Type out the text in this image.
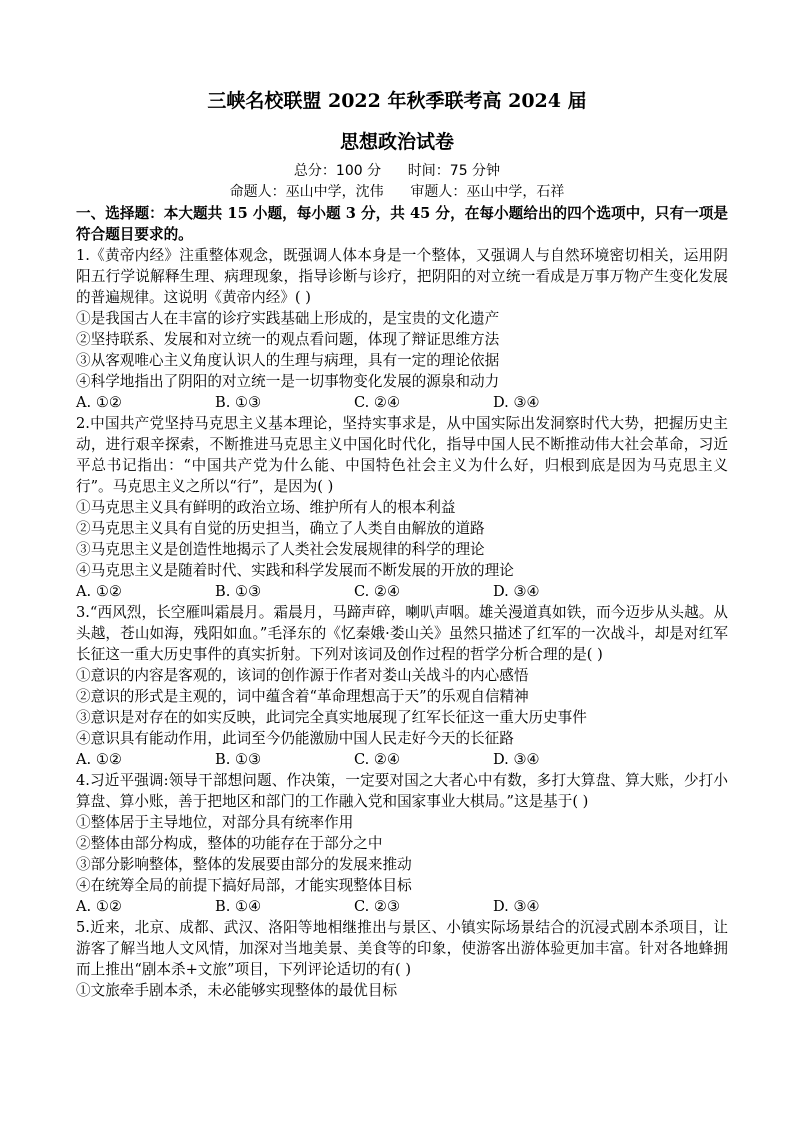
三峡名校联盟 2022 年秋季联考高 2024 届
思想政治试卷
总分：100 分      时间：75 分钟
命题人：巫山中学，沈伟      审题人：巫山中学，石祥

一、选择题：本大题共 15 小题，每小题 3 分，共 45 分，在每小题给出的四个选项中，只有一项是符合题目要求的。

1.《黄帝内经》注重整体观念，既强调人体本身是一个整体，又强调人与自然环境密切相关，运用阴阳五行学说解释生理、病理现象，指导诊断与诊疗，把阴阳的对立统一看成是万事万物产生变化发展的普遍规律。这说明《黄帝内经》( )

①是我国古人在丰富的诊疗实践基础上形成的，是宝贵的文化遗产

②坚持联系、发展和对立统一的观点看问题，体现了辩证思维方法

③从客观唯心主义角度认识人的生理与病理，具有一定的理论依据

④科学地指出了阴阳的对立统一是一切事物变化发展的源泉和动力

A. ①②	B. ①③	C. ②④	D. ③④

2.中国共产党坚持马克思主义基本理论，坚持实事求是，从中国实际出发洞察时代大势，把握历史主动，进行艰辛探索，不断推进马克思主义中国化时代化，指导中国人民不断推动伟大社会革命，习近平总书记指出：“中国共产党为什么能、中国特色社会主义为什么好，归根到底是因为马克思主义行”。马克思主义之所以“行”，是因为( )

①马克思主义具有鲜明的政治立场、维护所有人的根本利益

②马克思主义具有自觉的历史担当，确立了人类自由解放的道路

③马克思主义是创造性地揭示了人类社会发展规律的科学的理论

④马克思主义是随着时代、实践和科学发展而不断发展的开放的理论

A. ①②	B. ①③	C. ②④	D. ③④

3.“西风烈，长空雁叫霜晨月。霜晨月，马蹄声碎，喇叭声咽。雄关漫道真如铁，而今迈步从头越。从头越，苍山如海，残阳如血。”毛泽东的《忆秦娥·娄山关》虽然只描述了红军的一次战斗，却是对红军长征这一重大历史事件的真实折射。下列对该词及创作过程的哲学分析合理的是( )

①意识的内容是客观的，该词的创作源于作者对娄山关战斗的内心感悟

②意识的形式是主观的，词中蕴含着“革命理想高于天”的乐观自信精神

③意识是对存在的如实反映，此词完全真实地展现了红军长征这一重大历史事件

④意识具有能动作用，此词至今仍能激励中国人民走好今天的长征路

A. ①②	B. ①③	C. ②④	D. ③④

4.习近平强调:领导干部想问题、作决策，一定要对国之大者心中有数，多打大算盘、算大账，少打小算盘、算小账，善于把地区和部门的工作融入党和国家事业大棋局。”这是基于( )

①整体居于主导地位，对部分具有统率作用

②整体由部分构成，整体的功能存在于部分之中

③部分影响整体，整体的发展要由部分的发展来推动

④在统筹全局的前提下搞好局部，才能实现整体目标

A. ①②	B. ①④	C. ②③	D. ③④

5.近来，北京、成都、武汉、洛阳等地相继推出与景区、小镇实际场景结合的沉浸式剧本杀项目，让游客了解当地人文风情，加深对当地美景、美食等的印象，使游客出游体验更加丰富。针对各地蜂拥而上推出“剧本杀+文旅”项目，下列评论适切的有( )

①文旅牵手剧本杀，未必能够实现整体的最优目标
